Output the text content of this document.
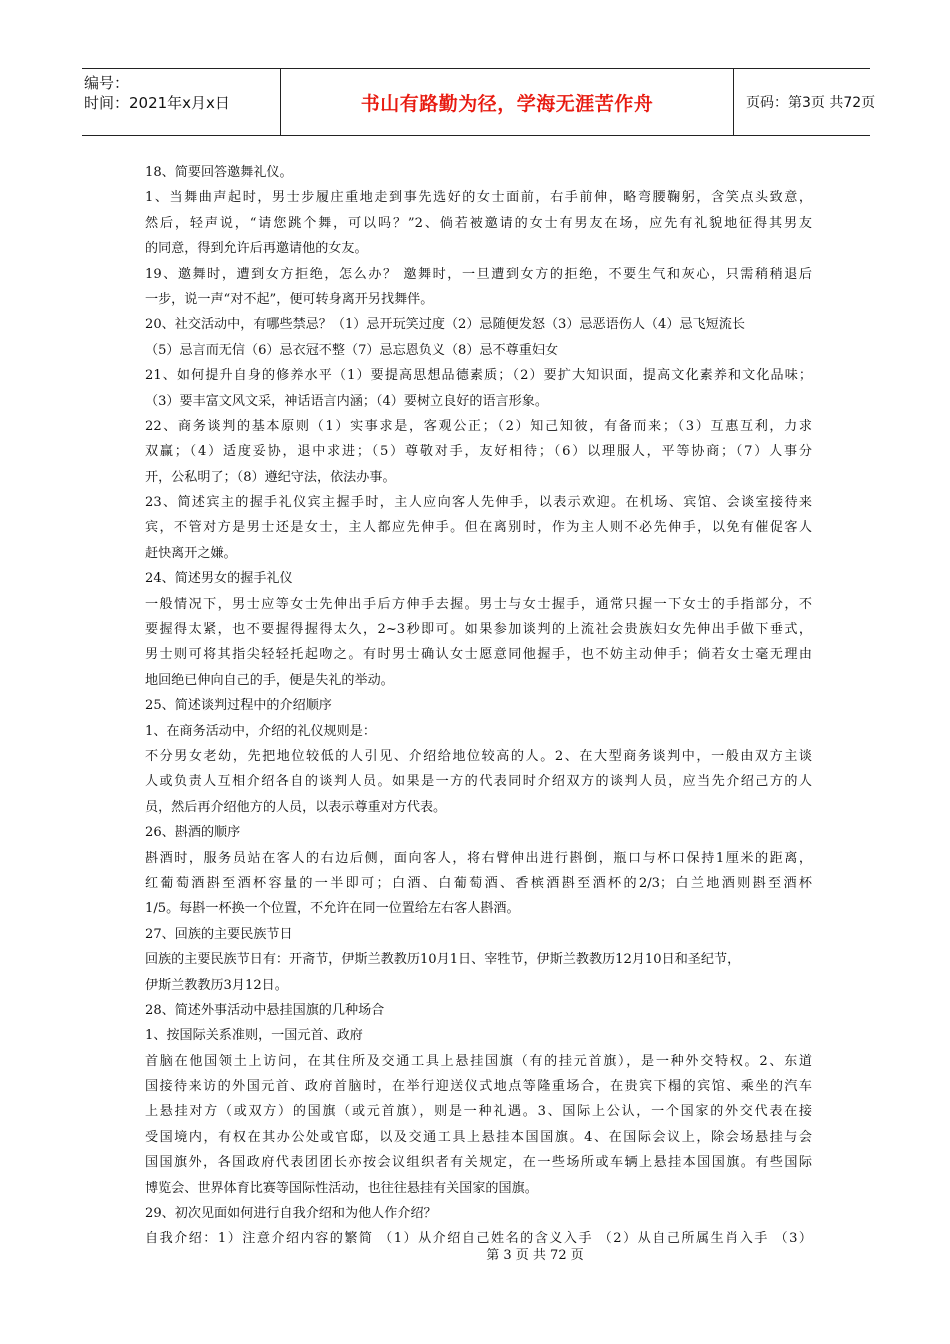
编号：
时间：2021年x月x日	书山有路勤为径，学海无涯苦作舟	页码：第3页 共72页
18、简要回答邀舞礼仪。
1、当舞曲声起时，男士步履庄重地走到事先选好的女士面前，右手前伸，略弯腰鞠躬，含笑点头致意，
然后，轻声说，“请您跳个舞，可以吗？”2、倘若被邀请的女士有男友在场，应先有礼貌地征得其男友
的同意，得到允许后再邀请他的女友。
19、邀舞时，遭到女方拒绝，怎么办？ 邀舞时，一旦遭到女方的拒绝，不要生气和灰心，只需稍稍退后
一步，说一声“对不起”，便可转身离开另找舞伴。
20、社交活动中，有哪些禁忌？（1）忌开玩笑过度（2）忌随便发怒（3）忌恶语伤人（4）忌飞短流长
（5）忌言而无信（6）忌衣冠不整（7）忌忘恩负义（8）忌不尊重妇女
21、如何提升自身的修养水平（1）要提高思想品德素质；（2）要扩大知识面，提高文化素养和文化品味；
（3）要丰富文风文采，神话语言内涵；（4）要树立良好的语言形象。
22、商务谈判的基本原则（1）实事求是，客观公正；（2）知己知彼，有备而来；（3）互惠互利，力求
双赢；（4）适度妥协，退中求进；（5）尊敬对手，友好相待；（6）以理服人，平等协商；（7）人事分
开，公私明了；（8）遵纪守法，依法办事。
23、简述宾主的握手礼仪宾主握手时，主人应向客人先伸手，以表示欢迎。在机场、宾馆、会谈室接待来
宾，不管对方是男士还是女士，主人都应先伸手。但在离别时，作为主人则不必先伸手，以免有催促客人
赶快离开之嫌。
24、简述男女的握手礼仪
一般情况下，男士应等女士先伸出手后方伸手去握。男士与女士握手，通常只握一下女士的手指部分，不
要握得太紧，也不要握得握得太久，2~3秒即可。如果参加谈判的上流社会贵族妇女先伸出手做下垂式，
男士则可将其指尖轻轻托起吻之。有时男士确认女士愿意同他握手，也不妨主动伸手；倘若女士毫无理由
地回绝已伸向自己的手，便是失礼的举动。
25、简述谈判过程中的介绍顺序
1、在商务活动中，介绍的礼仪规则是：
不分男女老幼，先把地位较低的人引见、介绍给地位较高的人。2、在大型商务谈判中，一般由双方主谈
人或负责人互相介绍各自的谈判人员。如果是一方的代表同时介绍双方的谈判人员，应当先介绍己方的人
员，然后再介绍他方的人员，以表示尊重对方代表。
26、斟酒的顺序
斟酒时，服务员站在客人的右边后侧，面向客人，将右臂伸出进行斟倒，瓶口与杯口保持1厘米的距离，
红葡萄酒斟至酒杯容量的一半即可；白酒、白葡萄酒、香槟酒斟至酒杯的2/3；白兰地酒则斟至酒杯
1/5。每斟一杯换一个位置，不允许在同一位置给左右客人斟酒。
27、回族的主要民族节日
回族的主要民族节日有：开斋节，伊斯兰教教历10月1日、宰牲节，伊斯兰教教历12月10日和圣纪节，
伊斯兰教教历3月12日。
28、简述外事活动中悬挂国旗的几种场合
1、按国际关系准则，一国元首、政府
首脑在他国领土上访问，在其住所及交通工具上悬挂国旗（有的挂元首旗），是一种外交特权。2、东道
国接待来访的外国元首、政府首脑时，在举行迎送仪式地点等隆重场合，在贵宾下榻的宾馆、乘坐的汽车
上悬挂对方（或双方）的国旗（或元首旗），则是一种礼遇。3、国际上公认，一个国家的外交代表在接
受国境内，有权在其办公处或官邸，以及交通工具上悬挂本国国旗。4、在国际会议上，除会场悬挂与会
国国旗外，各国政府代表团团长亦按会议组织者有关规定，在一些场所或车辆上悬挂本国国旗。有些国际
博览会、世界体育比赛等国际性活动，也往往悬挂有关国家的国旗。
29、初次见面如何进行自我介绍和为他人作介绍？
自我介绍：1）注意介绍内容的繁简 （1）从介绍自己姓名的含义入手 （2）从自己所属生肖入手 （3）
第 3 页 共 72 页
